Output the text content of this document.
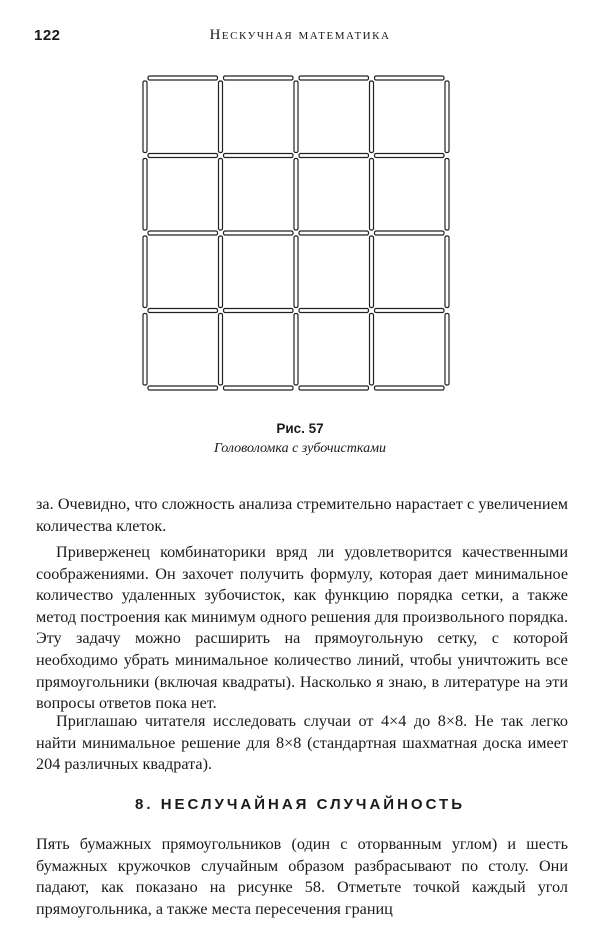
122	Нескучная математика
Рис. 57
Головоломка с зубочистками

за. Очевидно, что сложность анализа стремительно нарастает с увеличением количества клеток.

Приверженец комбинаторики вряд ли удовлетворится качественными соображениями. Он захочет получить формулу, которая дает минимальное количество удаленных зубочисток, как функцию порядка сетки, а также метод построения как минимум одного решения для произвольного порядка. Эту задачу можно расширить на прямоугольную сетку, с которой необходимо убрать минимальное количество линий, чтобы уничтожить все прямоугольники (включая квадраты). Насколько я знаю, в литературе на эти вопросы ответов пока нет.

Приглашаю читателя исследовать случаи от 4×4 до 8×8. Не так легко найти минимальное решение для 8×8 (стандартная шахматная доска имеет 204 различных квадрата).

8. НЕСЛУЧАЙНАЯ СЛУЧАЙНОСТЬ

Пять бумажных прямоугольников (один с оторванным углом) и шесть бумажных кружочков случайным образом разбрасывают по столу. Они падают, как показано на рисунке 58. Отметьте точкой каждый угол прямоугольника, а также места пересечения границ
